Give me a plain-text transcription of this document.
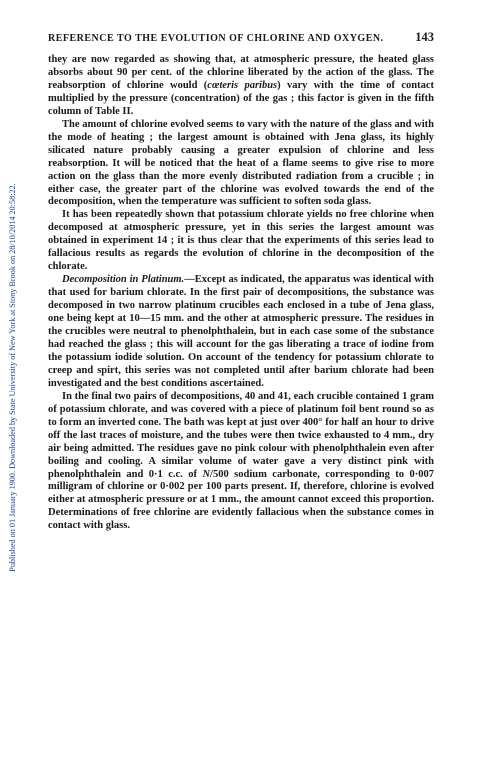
Published on 01 January 1900. Downloaded by State University of New York at Stony Brook on 28/10/2014 20:58:22.
REFERENCE TO THE EVOLUTION OF CHLORINE AND OXYGEN.	143

they are now regarded as showing that, at atmospheric pressure, the heated glass absorbs about 90 per cent. of the chlorine liberated by the action of the glass. The reabsorption of chlorine would (cœteris paribus) vary with the time of contact multiplied by the pressure (concentration) of the gas ; this factor is given in the fifth column of Table II.

The amount of chlorine evolved seems to vary with the nature of the glass and with the mode of heating ; the largest amount is obtained with Jena glass, its highly silicated nature probably causing a greater expulsion of chlorine and less reabsorption. It will be noticed that the heat of a flame seems to give rise to more action on the glass than the more evenly distributed radiation from a crucible ; in either case, the greater part of the chlorine was evolved towards the end of the decomposition, when the temperature was sufficient to soften soda glass.

It has been repeatedly shown that potassium chlorate yields no free chlorine when decomposed at atmospheric pressure, yet in this series the largest amount was obtained in experiment 14 ; it is thus clear that the experiments of this series lead to fallacious results as regards the evolution of chlorine in the decomposition of the chlorate.

Decomposition in Platinum.—Except as indicated, the apparatus was identical with that used for barium chlorate. In the first pair of decompositions, the substance was decomposed in two narrow platinum crucibles each enclosed in a tube of Jena glass, one being kept at 10—15 mm. and the other at atmospheric pressure. The residues in the crucibles were neutral to phenolphthalein, but in each case some of the substance had reached the glass ; this will account for the gas liberating a trace of iodine from the potassium iodide solution. On account of the tendency for potassium chlorate to creep and spirt, this series was not completed until after barium chlorate had been investigated and the best conditions ascertained.

In the final two pairs of decompositions, 40 and 41, each crucible contained 1 gram of potassium chlorate, and was covered with a piece of platinum foil bent round so as to form an inverted cone. The bath was kept at just over 400° for half an hour to drive off the last traces of moisture, and the tubes were then twice exhausted to 4 mm., dry air being admitted. The residues gave no pink colour with phenolphthalein even after boiling and cooling. A similar volume of water gave a very distinct pink with phenolphthalein and 0·1 c.c. of N/500 sodium carbonate, corresponding to 0·007 milligram of chlorine or 0·002 per 100 parts present. If, therefore, chlorine is evolved either at atmospheric pressure or at 1 mm., the amount cannot exceed this proportion. Determinations of free chlorine are evidently fallacious when the substance comes in contact with glass.
